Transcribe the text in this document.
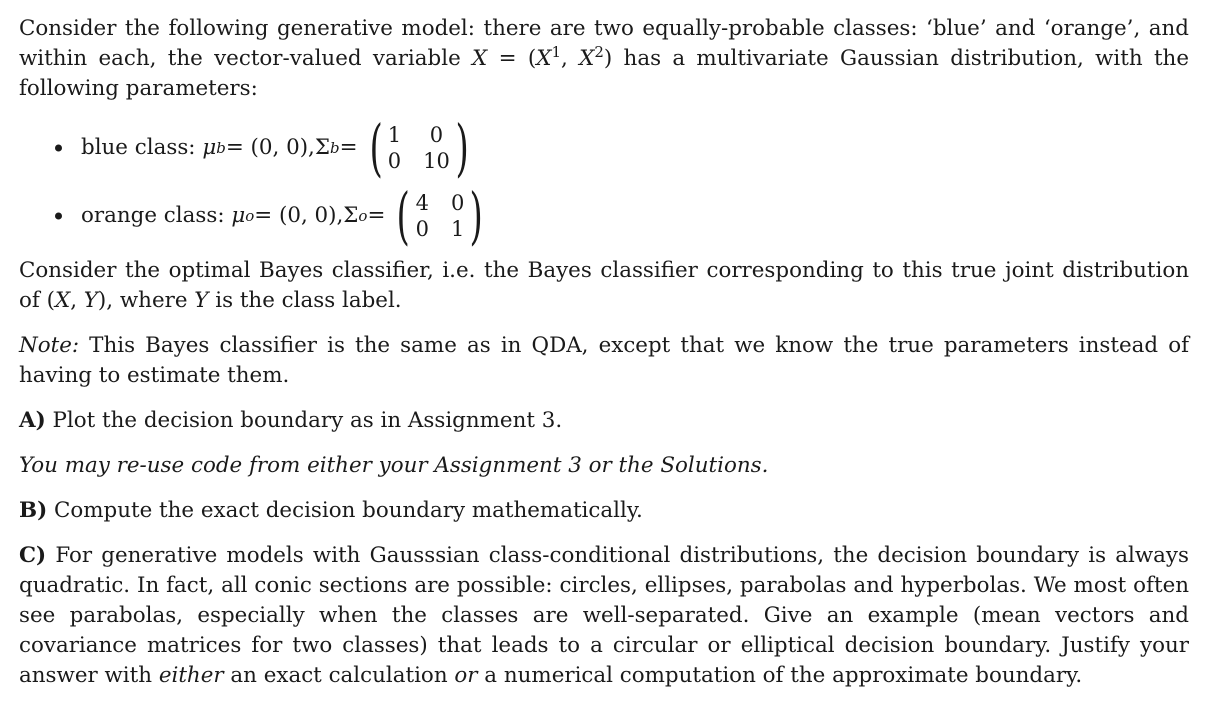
Consider the following generative model: there are two equally-probable classes: ‘blue’ and ‘orange’, and within each, the vector-valued variable $X = (X^1$, $X^2$) has a multivariate Gaussian distribution, with the following parameters:

blue class:
μ b = (0, 0), Σ b = ( 1	0
0 10 )
orange class:
μ o = (0, 0), Σ o = ( 4 0
0 1 )

Consider the optimal Bayes classifier, i.e. the Bayes classifier corresponding to this true joint distribution of (X, Y), where Y is the class label.

Note: This Bayes classifier is the same as in QDA, except that we know the true parameters instead of having to estimate them.

A) Plot the decision boundary as in Assignment 3.

You may re-use code from either your Assignment 3 or the Solutions.

B) Compute the exact decision boundary mathematically.

C) For generative models with Gausssian class-conditional distributions, the decision boundary is always quadratic. In fact, all conic sections are possible: circles, ellipses, parabolas and hyperbolas. We most often see parabolas, especially when the classes are well-separated. Give an example (mean vectors and covariance matrices for two classes) that leads to a circular or elliptical decision boundary. Justify your answer with either an exact calculation or a numerical computation of the approximate boundary.
